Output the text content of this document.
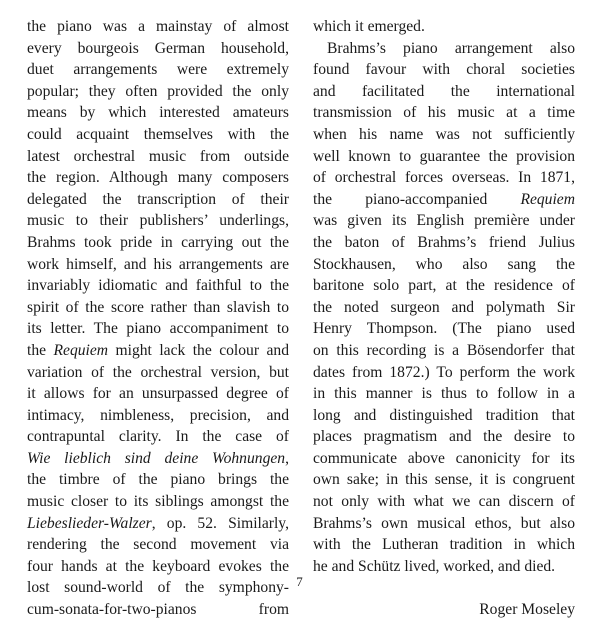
the piano was a mainstay of almost
every bourgeois German household,
duet arrangements were extremely
popular; they often provided the only
means by which interested amateurs
could acquaint themselves with the
latest orchestral music from outside
the region. Although many composers
delegated the transcription of their
music to their publishers’ underlings,
Brahms took pride in carrying out the
work himself, and his arrangements are
invariably idiomatic and faithful to the
spirit of the score rather than slavish to
its letter. The piano accompaniment to
the Requiem might lack the colour and
variation of the orchestral version, but
it allows for an unsurpassed degree of
intimacy, nimbleness, precision, and
contrapuntal clarity. In the case of
Wie lieblich sind deine Wohnungen,
the timbre of the piano brings the
music closer to its siblings amongst the
Liebeslieder-Walzer, op. 52. Similarly,
rendering the second movement via
four hands at the keyboard evokes the
lost sound-world of the symphony-
cum-sonata-for-two-pianos from
which it emerged.
Brahms’s piano arrangement also
found favour with choral societies
and facilitated the international
transmission of his music at a time
when his name was not sufficiently
well known to guarantee the provision
of orchestral forces overseas. In 1871,
the piano-accompanied Requiem
was given its English première under
the baton of Brahms’s friend Julius
Stockhausen, who also sang the
baritone solo part, at the residence of
the noted surgeon and polymath Sir
Henry Thompson. (The piano used
on this recording is a Bösendorfer that
dates from 1872.) To perform the work
in this manner is thus to follow in a
long and distinguished tradition that
places pragmatism and the desire to
communicate above canonicity for its
own sake; in this sense, it is congruent
not only with what we can discern of
Brahms’s own musical ethos, but also
with the Lutheran tradition in which
he and Schütz lived, worked, and died.
Roger Moseley
7
